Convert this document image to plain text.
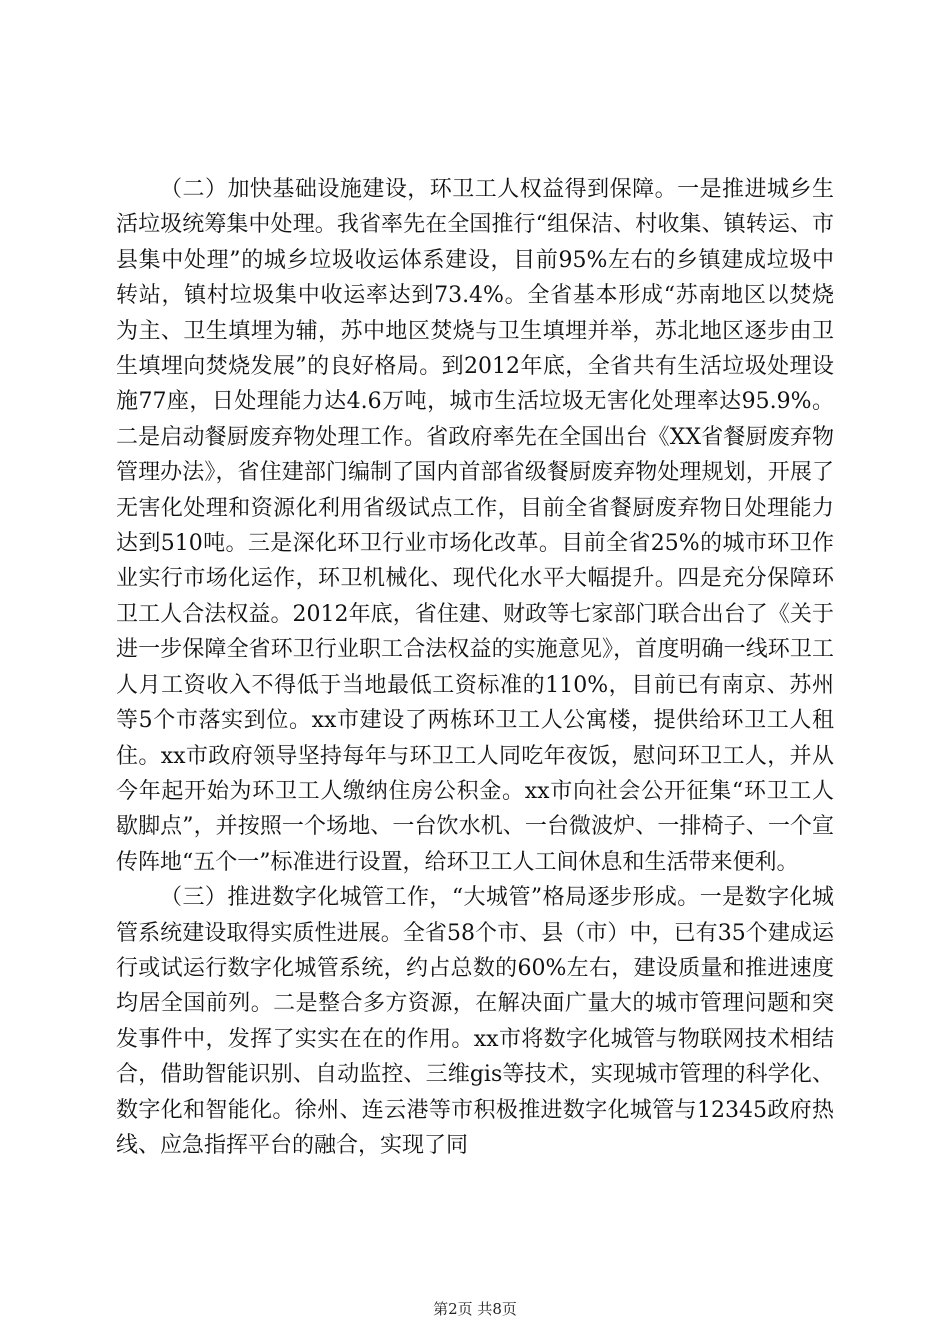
（二）加快基础设施建设，环卫工人权益得到保障。一是推进城乡生活垃圾统筹集中处理。我省率先在全国推行“组保洁、村收集、镇转运、市县集中处理”的城乡垃圾收运体系建设，目前95%左右的乡镇建成垃圾中转站，镇村垃圾集中收运率达到73.4%。全省基本形成“苏南地区以焚烧为主、卫生填埋为辅，苏中地区焚烧与卫生填埋并举，苏北地区逐步由卫生填埋向焚烧发展”的良好格局。到2012年底，全省共有生活垃圾处理设施77座，日处理能力达4.6万吨，城市生活垃圾无害化处理率达95.9%。二是启动餐厨废弃物处理工作。省政府率先在全国出台《XX省餐厨废弃物管理办法》，省住建部门编制了国内首部省级餐厨废弃物处理规划，开展了无害化处理和资源化利用省级试点工作，目前全省餐厨废弃物日处理能力达到510吨。三是深化环卫行业市场化改革。目前全省25%的城市环卫作业实行市场化运作，环卫机械化、现代化水平大幅提升。四是充分保障环卫工人合法权益。2012年底，省住建、财政等七家部门联合出台了《关于进一步保障全省环卫行业职工合法权益的实施意见》，首度明确一线环卫工人月工资收入不得低于当地最低工资标准的110%，目前已有南京、苏州等5个市落实到位。xx市建设了两栋环卫工人公寓楼，提供给环卫工人租住。xx市政府领导坚持每年与环卫工人同吃年夜饭，慰问环卫工人，并从今年起开始为环卫工人缴纳住房公积金。xx市向社会公开征集“环卫工人歇脚点”，并按照一个场地、一台饮水机、一台微波炉、一排椅子、一个宣传阵地“五个一”标准进行设置，给环卫工人工间休息和生活带来便利。

（三）推进数字化城管工作，“大城管”格局逐步形成。一是数字化城管系统建设取得实质性进展。全省58个市、县（市）中，已有35个建成运行或试运行数字化城管系统，约占总数的60%左右，建设质量和推进速度均居全国前列。二是整合多方资源，在解决面广量大的城市管理问题和突发事件中，发挥了实实在在的作用。xx市将数字化城管与物联网技术相结合，借助智能识别、自动监控、三维gis等技术，实现城市管理的科学化、数字化和智能化。徐州、连云港等市积极推进数字化城管与12345政府热线、应急指挥平台的融合，实现了同

第2页 共8页
